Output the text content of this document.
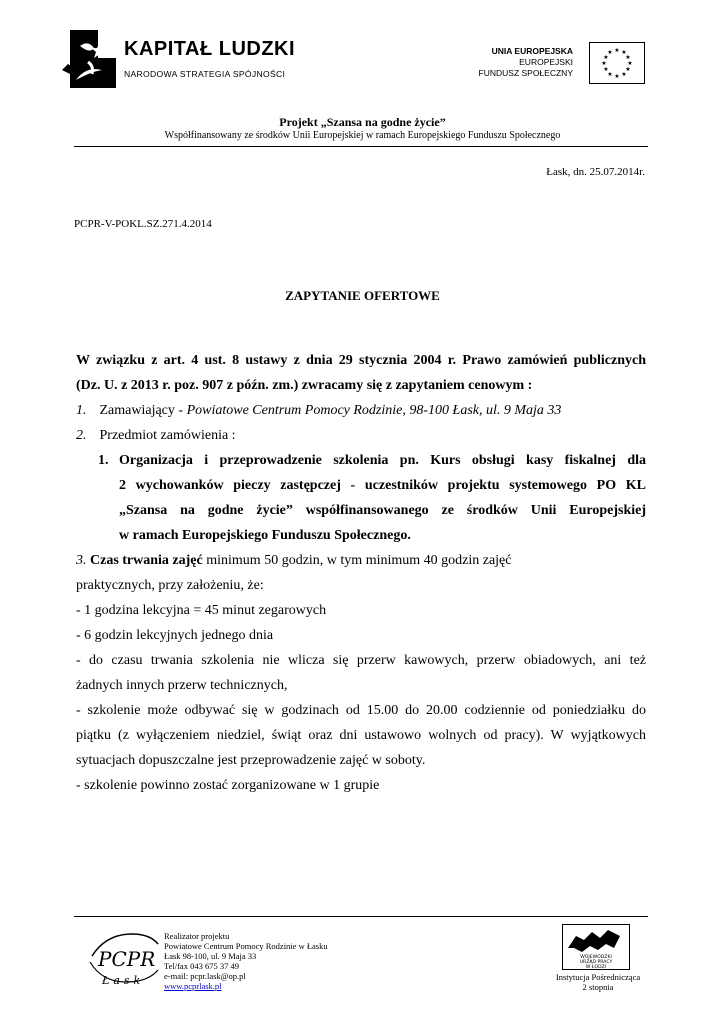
KAPITAŁ LUDZKI
NARODOWA STRATEGIA SPÓJNOŚCI
UNIA EUROPEJSKA
EUROPEJSKI
FUNDUSZ SPOŁECZNY
★ ★
★
★
★
★
★
★
★
★
★
★
Projekt „Szansa na godne życie”
Współfinansowany ze środków Unii Europejskiej w ramach Europejskiego Funduszu Społecznego
Łask, dn. 25.07.2014r.
PCPR-V-POKL.SZ.271.4.2014
ZAPYTANIE OFERTOWE
W związku z art. 4 ust. 8 ustawy z dnia 29 stycznia 2004 r. Prawo zamówień publicznych
(Dz. U. z 2013 r. poz. 907 z późn. zm.) zwracamy się z zapytaniem cenowym :
1. Zamawiający - Powiatowe Centrum Pomocy Rodzinie, 98-100 Łask, ul. 9 Maja 33
2. Przedmiot zamówienia :
1. Organizacja i przeprowadzenie szkolenia pn. Kurs obsługi kasy fiskalnej dla
2 wychowanków pieczy zastępczej - uczestników projektu systemowego PO KL
„Szansa na godne życie” współfinansowanego ze środków Unii Europejskiej
w ramach Europejskiego Funduszu Społecznego.
3. Czas trwania zajęć minimum 50 godzin, w tym minimum 40 godzin zajęć
praktycznych, przy założeniu, że:
- 1 godzina lekcyjna = 45 minut zegarowych
- 6 godzin lekcyjnych jednego dnia
- do czasu trwania szkolenia nie wlicza się przerw kawowych, przerw obiadowych, ani też
żadnych innych przerw technicznych,
- szkolenie może odbywać się w godzinach od 15.00 do 20.00 codziennie od poniedziałku do
piątku (z wyłączeniem niedziel, świąt oraz dni ustawowo wolnych od pracy). W wyjątkowych
sytuacjach dopuszczalne jest przeprowadzenie zajęć w soboty.
- szkolenie powinno zostać zorganizowane w 1 grupie
PCPR
Łask
Realizator projektu
Powiatowe Centrum Pomocy Rodzinie w Łasku
Łask 98-100, ul. 9 Maja 33
Tel/fax 043 675 37 49
e-mail: pcpr.lask@op.pl
www.pcprlask.pl
WOJEWÓDZKI
URZĄD PRACY
W ŁODZI
Instytucja Pośrednicząca
2 stopnia
